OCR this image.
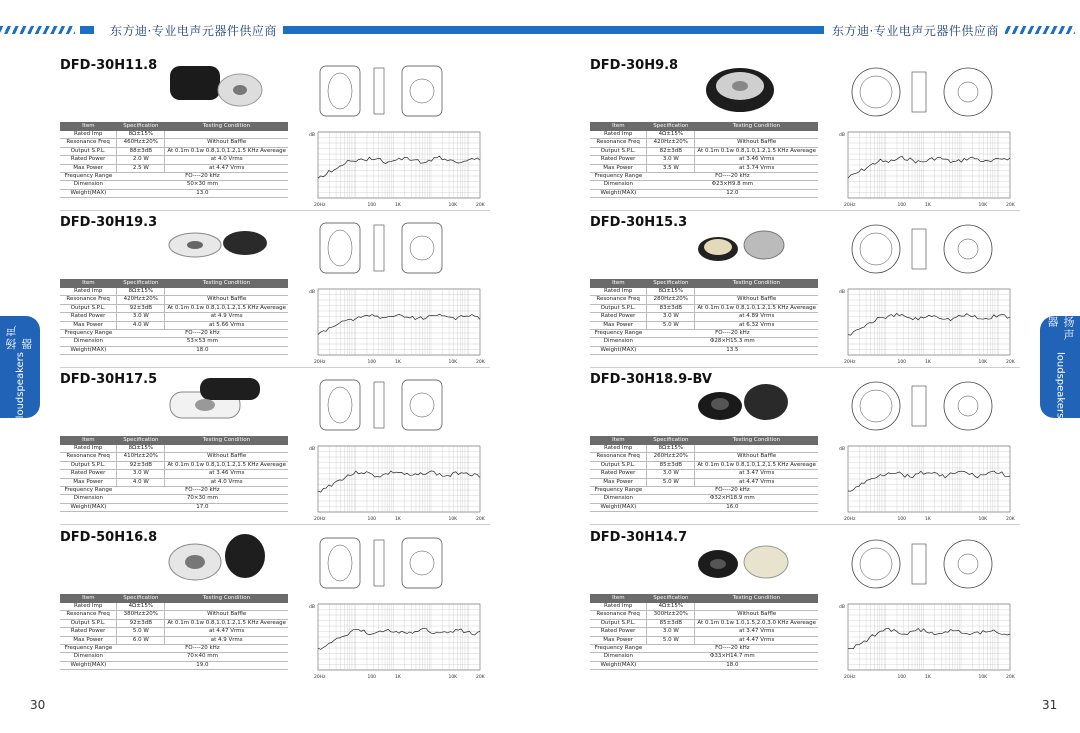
东方迪·专业电声元器件供应商
扬声器
loudspeakers
30
DFD-30H11.8
Item	Specification	Testing Condition
Rated Imp	8Ω±15%	
Resonance Freq	460Hz±20%	Without Baffle
Output S.P.L.	88±3dB	At 0.1m 0.1w 0.8,1.0,1.2,1.5 KHz Avereage
Rated Power	2.0 W	at 4.0 Vrms
Max Power	2.5 W	at 4.47 Vrms
Frequency Range	FO----20 kHz	
Dimension	50×30 mm	
Weight(MAX)	13.0	
20Hz	100	1K	10K	20K
dB
DFD-30H19.3
Item	Specification	Testing Condition
Rated Imp	8Ω±15%	
Resonance Freq	420Hz±20%	Without Baffle
Output S.P.L.	92±3dB	At 0.1m 0.1w 0.8,1.0,1.2,1.5 KHz Avereage
Rated Power	3.0 W	at 4.9 Vrms
Max Power	4.0 W	at 5.66 Vrms
Frequency Range	FO----20 kHz	
Dimension	53×53 mm	
Weight(MAX)	18.0	
20Hz	100	1K	10K	20K
dB
DFD-30H17.5
Item	Specification	Testing Condition
Rated Imp	8Ω±15%	
Resonance Freq	410Hz±20%	Without Baffle
Output S.P.L.	92±3dB	At 0.1m 0.1w 0.8,1.0,1.2,1.5 KHz Avereage
Rated Power	3.0 W	at 3.46 Vrms
Max Power	4.0 W	at 4.0 Vrms
Frequency Range	FO----20 kHz	
Dimension	70×30 mm	
Weight(MAX)	17.0	
20Hz	100	1K	10K	20K
dB
DFD-50H16.8
Item	Specification	Testing Condition
Rated Imp	4Ω±15%	
Resonance Freq	380Hz±20%	Without Baffle
Output S.P.L.	92±3dB	At 0.1m 0.1w 0.8,1.0,1.2,1.5 KHz Avereage
Rated Power	5.0 W	at 4.47 Vrms
Max Power	6.0 W	at 4.9 Vrms
Frequency Range	FO----20 kHz	
Dimension	70×40 mm	
Weight(MAX)	19.0	
20Hz	100	1K	10K	20K
dB
东方迪·专业电声元器件供应商
扬声器
loudspeakers
31
DFD-30H9.8
Item	Specification	Testing Condition
Rated Imp	4Ω±15%	
Resonance Freq	420Hz±20%	Without Baffle
Output S.P.L.	82±3dB	At 0.1m 0.1w 0.8,1.0,1.2,1.5 KHz Avereage
Rated Power	3.0 W	at 3.46 Vrms
Max Power	3.5 W	at 3.74 Vrms
Frequency Range	FO----20 kHz	
Dimension	Φ23×H9.8 mm	
Weight(MAX)	12.0	
20Hz	100	1K	10K	20K
dB
DFD-30H15.3
Item	Specification	Testing Condition
Rated Imp	8Ω±15%	
Resonance Freq	280Hz±20%	Without Baffle
Output S.P.L.	83±3dB	At 0.1m 0.1w 0.8,1.0,1.2,1.5 KHz Avereage
Rated Power	3.0 W	at 4.89 Vrms
Max Power	5.0 W	at 6.32 Vrms
Frequency Range	FO----20 kHz	
Dimension	Φ28×H15.3 mm	
Weight(MAX)	13.5	
20Hz	100	1K	10K	20K
dB
DFD-30H18.9-BV
Item	Specification	Testing Condition
Rated Imp	8Ω±15%	
Resonance Freq	260Hz±20%	Without Baffle
Output S.P.L.	85±3dB	At 0.1m 0.1w 0.8,1.0,1.2,1.5 KHz Avereage
Rated Power	3.0 W	at 3.47 Vrms
Max Power	5.0 W	at 4.47 Vrms
Frequency Range	FO----20 kHz	
Dimension	Φ32×H18.9 mm	
Weight(MAX)	16.0	
20Hz	100	1K	10K	20K
dB
DFD-30H14.7
Item	Specification	Testing Condition
Rated Imp	4Ω±15%	
Resonance Freq	300Hz±20%	Without Baffle
Output S.P.L.	85±3dB	At 0.1m 0.1w 1.0,1.5,2.0,3.0 KHz Avereage
Rated Power	3.0 W	at 3.47 Vrms
Max Power	5.0 W	at 4.47 Vrms
Frequency Range	FO----20 kHz	
Dimension	Φ33×H14.7 mm	
Weight(MAX)	18.0	
20Hz	100	1K	10K	20K
dB
